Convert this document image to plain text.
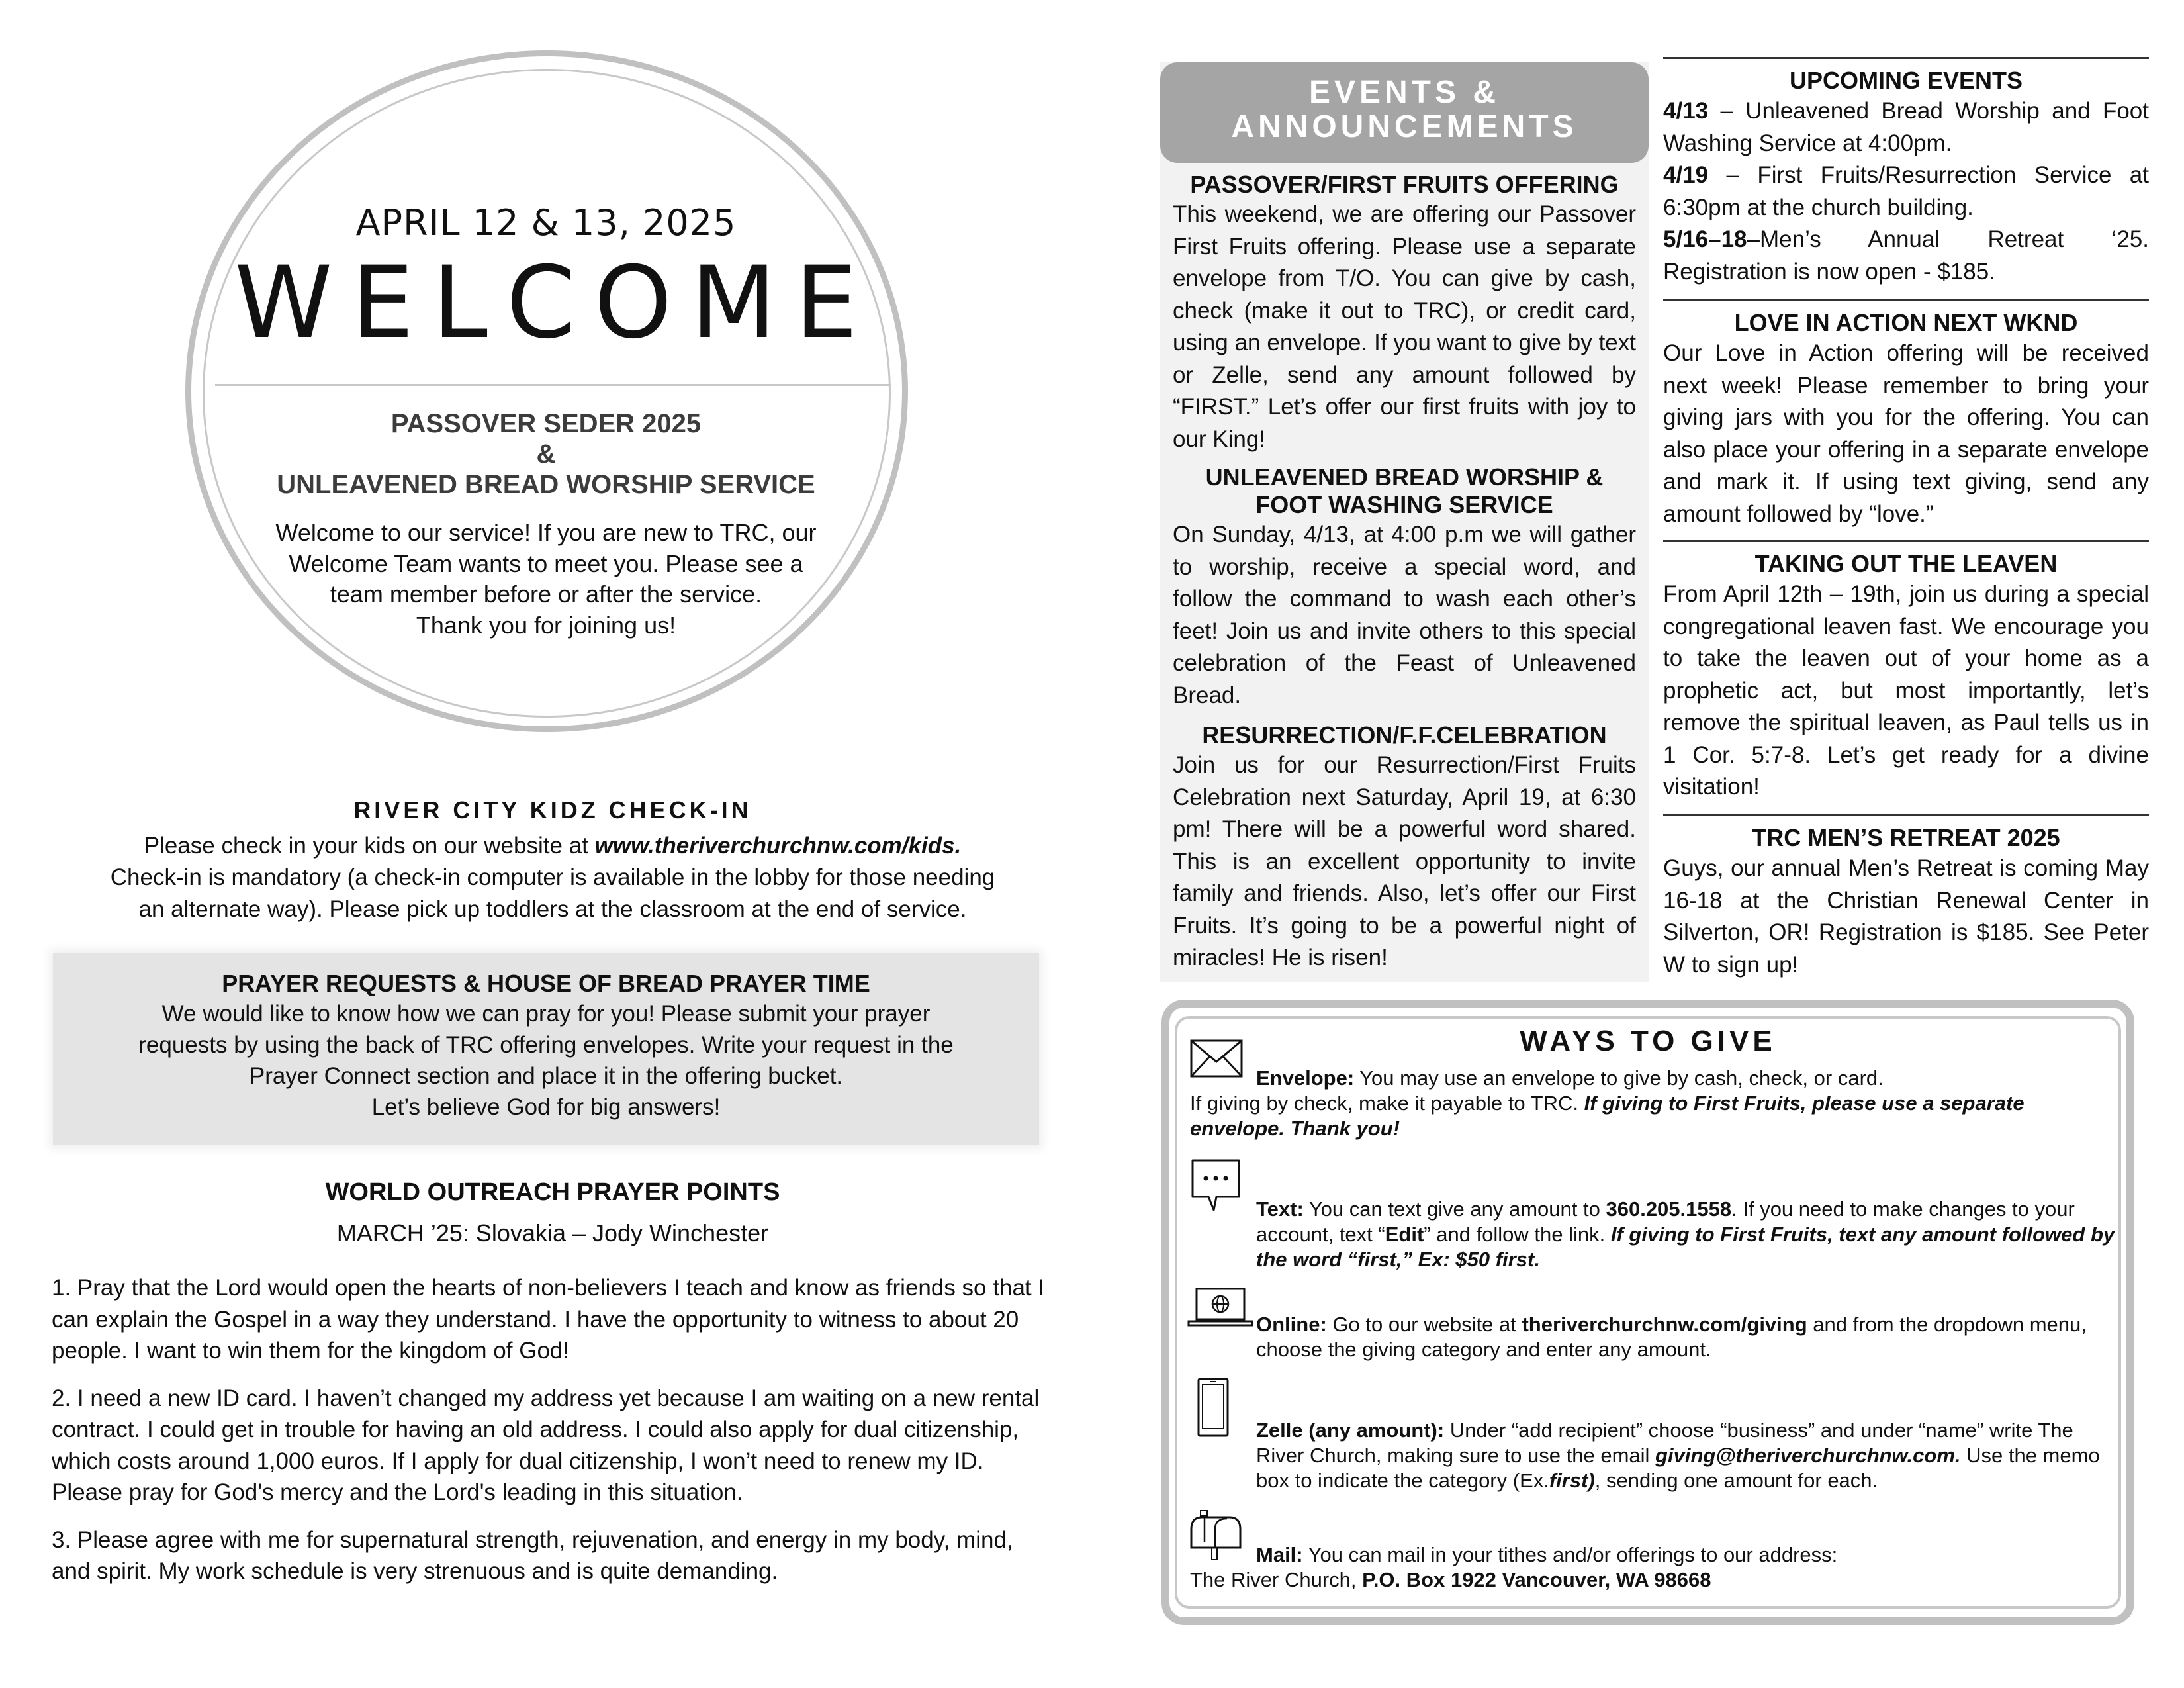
APRIL 12 & 13, 2025
WELCOME
PASSOVER SEDER 2025
&
UNLEAVENED BREAD WORSHIP SERVICE
Welcome to our service! If you are new to TRC, our
Welcome Team wants to meet you. Please see a
team member before or after the service.
Thank you for joining us!
RIVER CITY KIDZ CHECK-IN
Please check in your kids on our website at www.theriverchurchnw.com/kids.
Check-in is mandatory (a check-in computer is available in the lobby for those needing
an alternate way). Please pick up toddlers at the classroom at the end of service.
PRAYER REQUESTS & HOUSE OF BREAD PRAYER TIME
We would like to know how we can pray for you! Please submit your prayer
requests by using the back of TRC offering envelopes. Write your request in the
Prayer Connect section and place it in the offering bucket.
Let’s believe God for big answers!
WORLD OUTREACH PRAYER POINTS
MARCH ’25: Slovakia – Jody Winchester

1. Pray that the Lord would open the hearts of non-believers I teach and know as friends so that I can explain the Gospel in a way they understand. I have the opportunity to witness to about 20 people. I want to win them for the kingdom of God!

2. I need a new ID card. I haven’t changed my address yet because I am waiting on a new rental contract. I could get in trouble for having an old address. I could also apply for dual citizenship, which costs around 1,000 euros. If I apply for dual citizenship, I won’t need to renew my ID. Please pray for God's mercy and the Lord's leading in this situation.

3. Please agree with me for supernatural strength, rejuvenation, and energy in my body, mind, and spirit. My work schedule is very strenuous and is quite demanding.

EVENTS &
ANNOUNCEMENTS
PASSOVER/FIRST FRUITS OFFERING
This weekend, we are offering our Passover First Fruits offering. Please use a separate envelope from T/O. You can give by cash, check (make it out to TRC), or credit card, using an envelope. If you want to give by text or Zelle, send any amount followed by “FIRST.” Let’s offer our first fruits with joy to our King!
UNLEAVENED BREAD WORSHIP & FOOT WASHING SERVICE
On Sunday, 4/13, at 4:00 p.m we will gather to worship, receive a special word, and follow the command to wash each other’s feet! Join us and invite others to this special celebration of the Feast of Unleavened Bread.
RESURRECTION/F.F.CELEBRATION
Join us for our Resurrection/First Fruits Celebration next Saturday, April 19, at 6:30 pm! There will be a powerful word shared. This is an excellent opportunity to invite family and friends. Also, let’s offer our First Fruits. It’s going to be a powerful night of miracles! He is risen!
UPCOMING EVENTS
4/13 – Unleavened Bread Worship and Foot Washing Service at 4:00pm.
4/19 – First Fruits/Resurrection Service at 6:30pm at the church building.
5/16–18–Men’s Annual Retreat ‘25. Registration is now open - $185.
LOVE IN ACTION NEXT WKND
Our Love in Action offering will be received next week! Please remember to bring your giving jars with you for the offering. You can also place your offering in a separate envelope and mark it. If using text giving, send any amount followed by “love.”
TAKING OUT THE LEAVEN
From April 12th – 19th, join us during a special congregational leaven fast. We encourage you to take the leaven out of your home as a prophetic act, but most importantly, let’s remove the spiritual leaven, as Paul tells us in 1 Cor. 5:7-8. Let’s get ready for a divine visitation!
TRC MEN’S RETREAT 2025
Guys, our annual Men’s Retreat is coming May 16-18 at the Christian Renewal Center in Silverton, OR! Registration is $185. See Peter W to sign up!
WAYS TO GIVE
Envelope: You may use an envelope to give by cash, check, or card.
If giving by check, make it payable to TRC. If giving to First Fruits, please use a separate envelope. Thank you!
Text: You can text give any amount to 360.205.1558. If you need to make changes to your account, text “Edit” and follow the link. If giving to First Fruits, text any amount followed by the word “first,” Ex: $50 first.
Online: Go to our website at theriverchurchnw.com/giving and from the dropdown menu, choose the giving category and enter any amount.
Zelle (any amount): Under “add recipient” choose “business” and under “name” write The River Church, making sure to use the email giving@theriverchurchnw.com. Use the memo box to indicate the category (Ex.first), sending one amount for each.
Mail: You can mail in your tithes and/or offerings to our address:
The River Church, P.O. Box 1922 Vancouver, WA 98668
